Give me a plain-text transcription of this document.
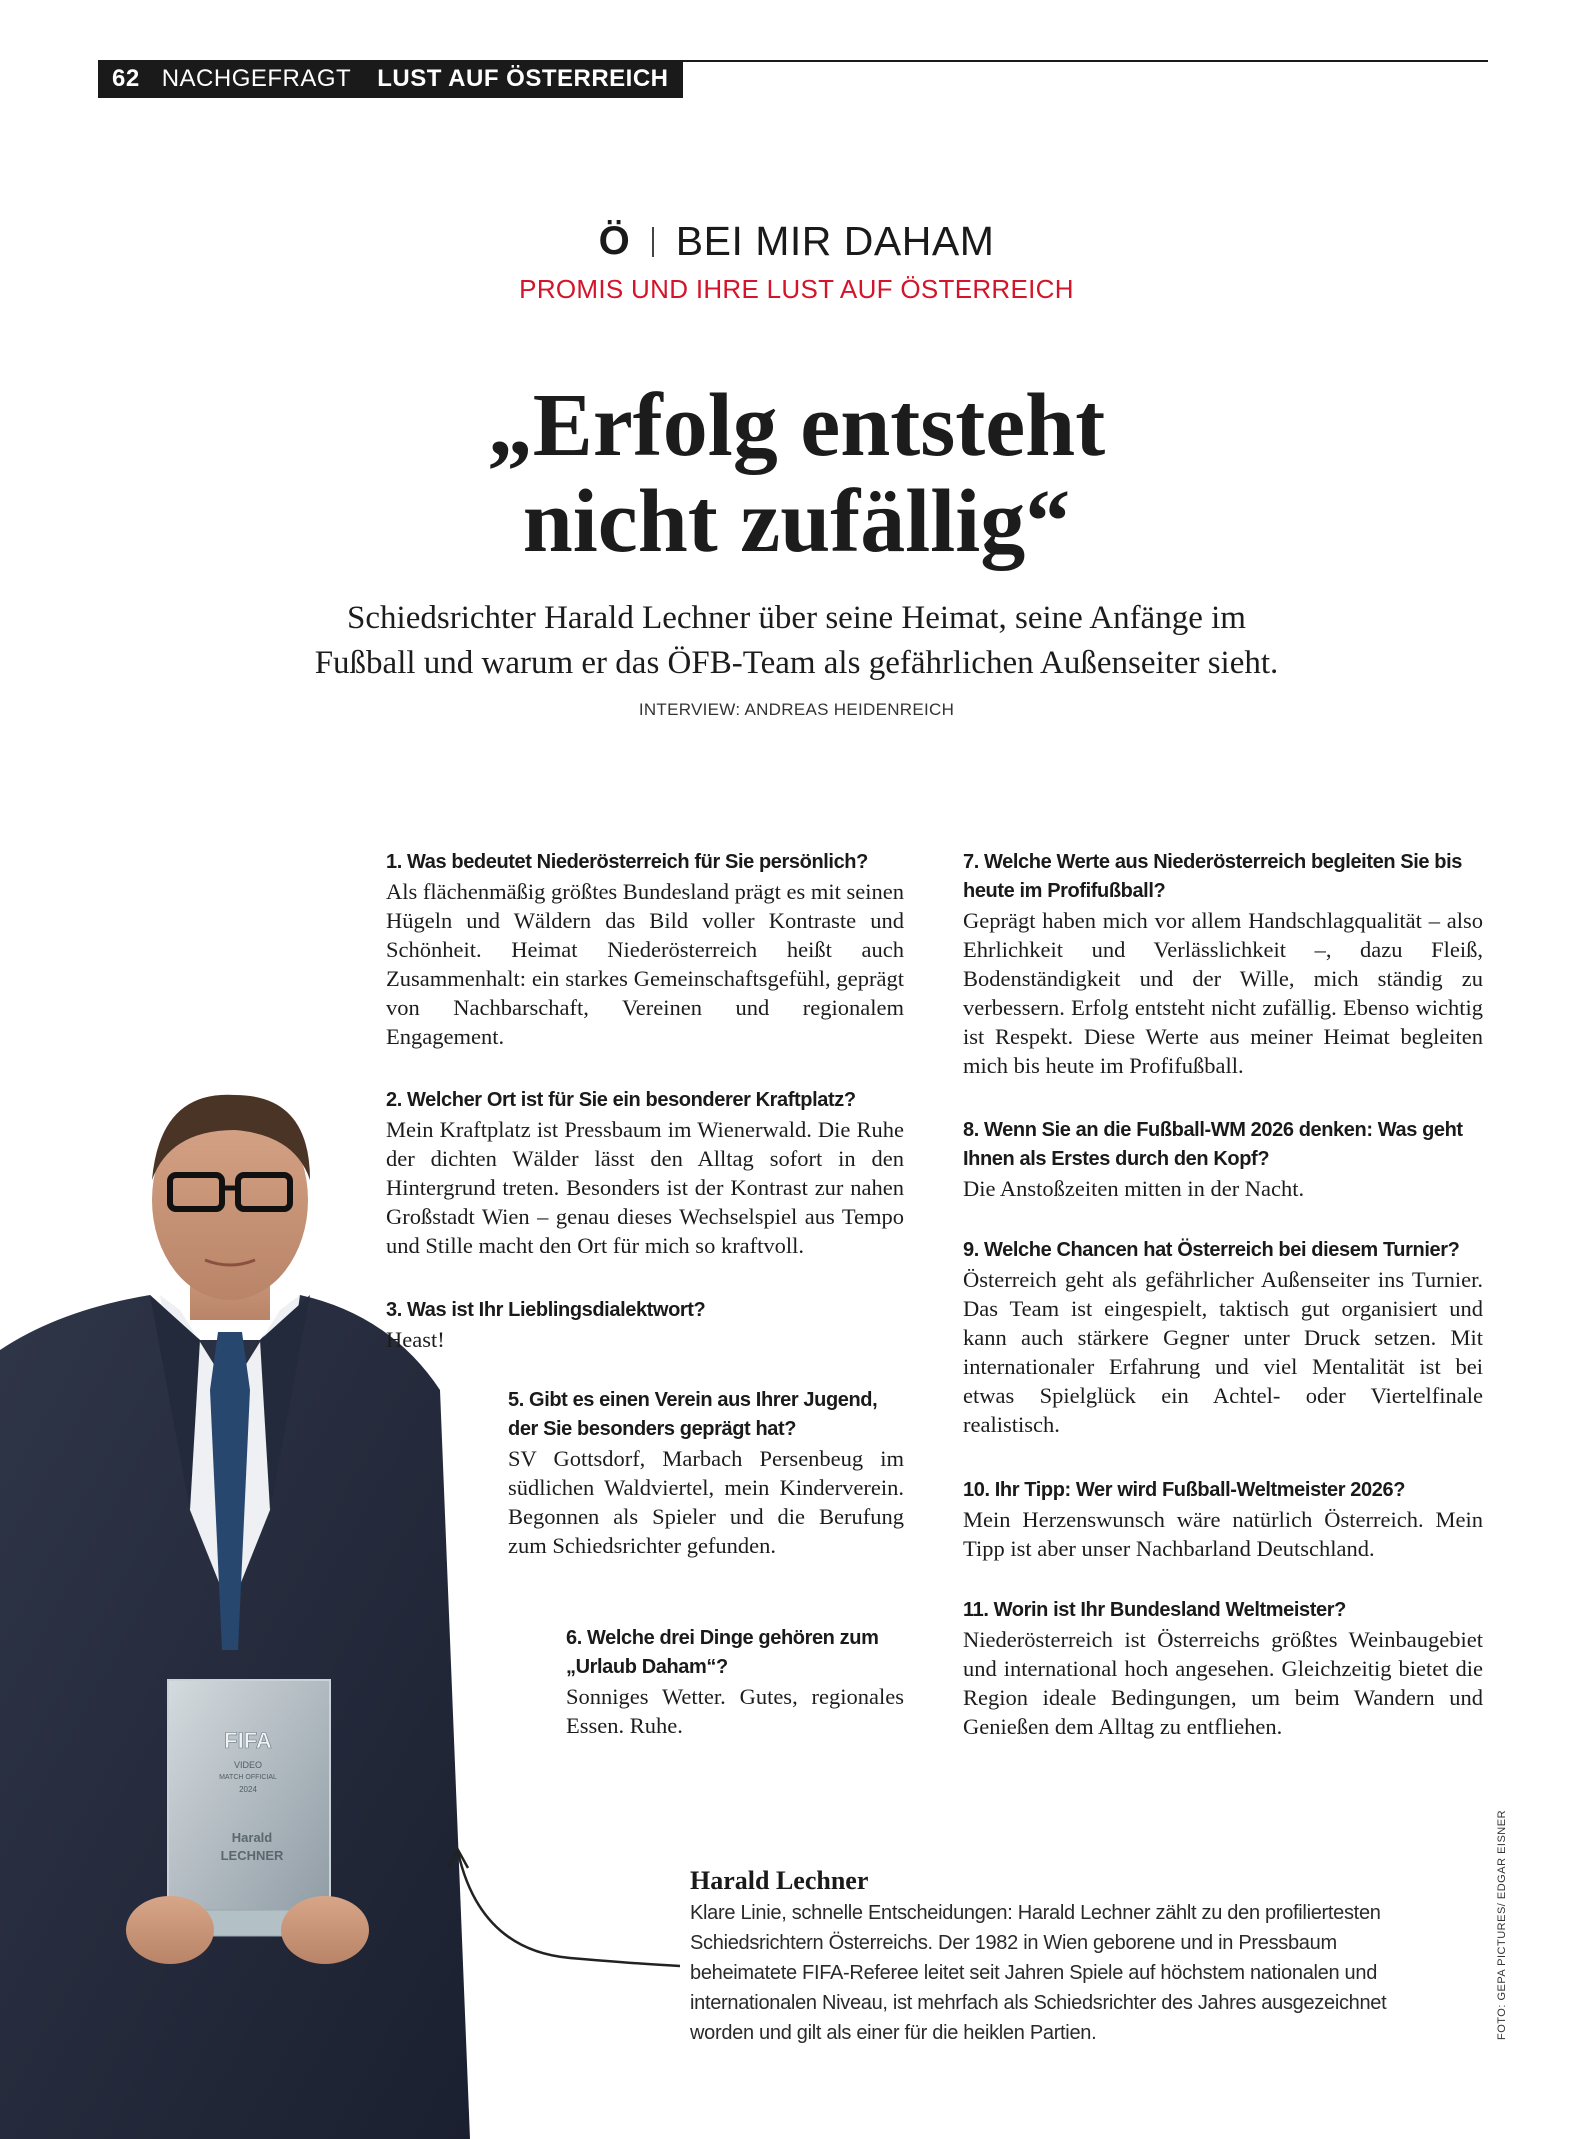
62 NACHGEFRAGT LUST AUF ÖSTERREICH
Ö BEI MIR DAHAM
PROMIS UND IHRE LUST AUF ÖSTERREICH
„Erfolg entsteht
nicht zufällig“
Schiedsrichter Harald Lechner über seine Heimat, seine Anfänge im
Fußball und warum er das ÖFB-Team als gefährlichen Außenseiter sieht.
INTERVIEW: ANDREAS HEIDENREICH
FIFA
VIDEO
MATCH OFFICIAL
2024
Harald
LECHNER
1. Was bedeutet Niederösterreich für Sie persönlich?
Als flächenmäßig größtes Bundesland prägt es mit seinen Hügeln und Wäldern das Bild voller Kontraste und Schönheit. Heimat Niederösterreich heißt auch Zusammenhalt: ein starkes Gemeinschaftsgefühl, geprägt von Nachbarschaft, Vereinen und regionalem Engagement.
2. Welcher Ort ist für Sie ein besonderer Kraftplatz?
Mein Kraftplatz ist Pressbaum im Wienerwald. Die Ruhe der dichten Wälder lässt den Alltag sofort in den Hintergrund treten. Besonders ist der Kontrast zur nahen Großstadt Wien – genau dieses Wechselspiel aus Tempo und Stille macht den Ort für mich so kraftvoll.
3. Was ist Ihr Lieblingsdialektwort?
Heast!
5. Gibt es einen Verein aus Ihrer Jugend, der Sie besonders geprägt hat?
SV Gottsdorf, Marbach Persenbeug im südlichen Waldviertel, mein Kinderverein. Begonnen als Spieler und die Berufung zum Schiedsrichter gefunden.
6. Welche drei Dinge gehören zum „Urlaub Daham“?
Sonniges Wetter. Gutes, regionales Essen. Ruhe.
7. Welche Werte aus Niederösterreich begleiten Sie bis heute im Profifußball?
Geprägt haben mich vor allem Handschlagqualität – also Ehrlichkeit und Verlässlichkeit –, dazu Fleiß, Bodenständigkeit und der Wille, mich ständig zu verbessern. Erfolg entsteht nicht zufällig. Ebenso wichtig ist Respekt. Diese Werte aus meiner Heimat begleiten mich bis heute im Profifußball.
8. Wenn Sie an die Fußball-WM 2026 denken: Was geht Ihnen als Erstes durch den Kopf?
Die Anstoßzeiten mitten in der Nacht.
9. Welche Chancen hat Österreich bei diesem Turnier?
Österreich geht als gefährlicher Außenseiter ins Turnier. Das Team ist eingespielt, taktisch gut organisiert und kann auch stärkere Gegner unter Druck setzen. Mit internationaler Erfahrung und viel Mentalität ist bei etwas Spielglück ein Achtel- oder Viertelfinale realistisch.
10. Ihr Tipp: Wer wird Fußball-Weltmeister 2026?
Mein Herzenswunsch wäre natürlich Österreich. Mein Tipp ist aber unser Nachbarland Deutschland.
11. Worin ist Ihr Bundesland Weltmeister?
Niederösterreich ist Österreichs größtes Weinbaugebiet und international hoch angesehen. Gleichzeitig bietet die Region ideale Bedingungen, um beim Wandern und Genießen dem Alltag zu entfliehen.
Harald Lechner
Klare Linie, schnelle Entscheidungen: Harald Lechner zählt zu den profiliertesten Schiedsrichtern Österreichs. Der 1982 in Wien geborene und in Pressbaum beheimatete FIFA-Referee leitet seit Jahren Spiele auf höchstem nationalen und internationalen Niveau, ist mehrfach als Schiedsrichter des Jahres ausgezeichnet worden und gilt als einer für die heiklen Partien.	FOTO: GEPA PICTURES/ EDGAR EISNER
